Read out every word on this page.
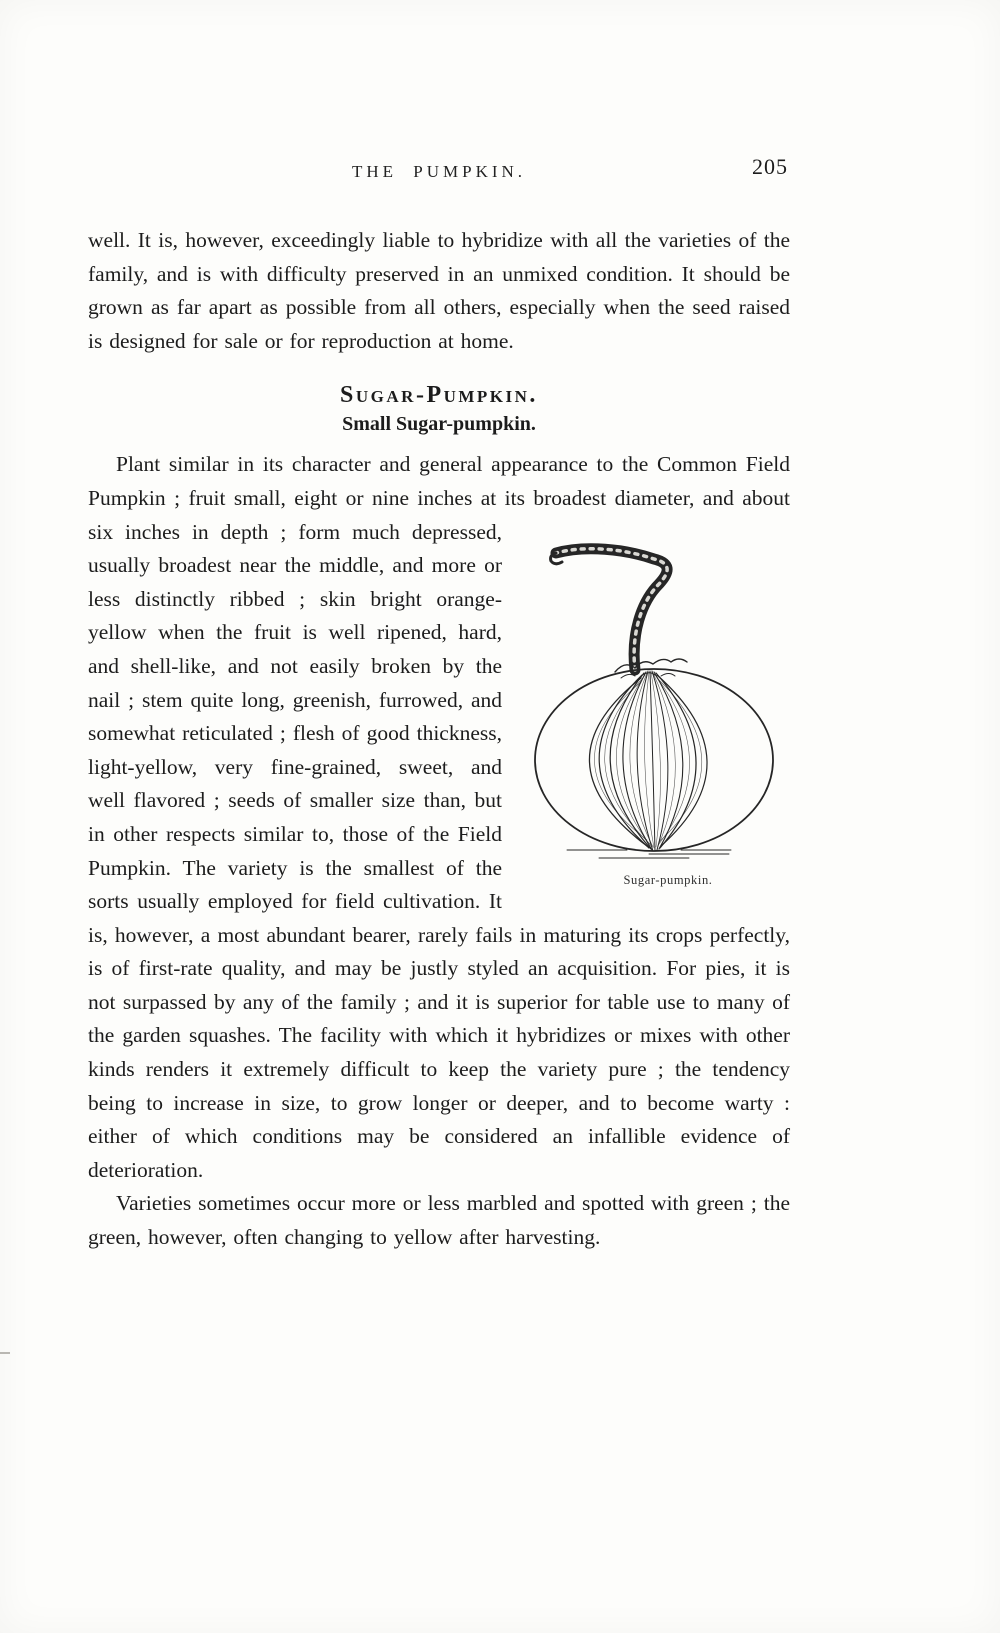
THE PUMPKIN.	205

well. It is, however, exceedingly liable to hybridize with all the varieties of the family, and is with difficulty preserved in an unmixed condition. It should be grown as far apart as possible from all others, especially when the seed raised is designed for sale or for reproduction at home.

Sugar-Pumpkin.
Small Sugar-pumpkin.
Plant similar in its character and general appearance to the Common Field Pumpkin ; fruit small, eight or nine inches at its broadest diameter, and about six inches in depth ; form
Sugar-pumpkin.
much depressed, usually broadest near the middle, and more or less distinctly ribbed ; skin bright orange-yellow when the fruit is well ripened, hard, and shell-like, and not easily broken by the nail ; stem quite long, greenish, furrowed, and somewhat reticulated ; flesh of good thickness, light-yellow, very fine-grained, sweet, and well flavored ; seeds of smaller size than, but in other respects similar to, those of the Field Pumpkin. The variety is the smallest of the sorts usually employed for field cultivation. It is, however, a most abundant bearer, rarely fails in maturing its crops perfectly, is of first-rate quality, and may be justly styled an acquisition. For pies, it is not surpassed by any of the family ; and it is superior for table use to many of the garden squashes. The facility with which it hybridizes or mixes with other kinds renders it extremely difficult to keep the variety pure ; the tendency being to increase in size, to grow longer or deeper, and to become warty : either of which conditions may be considered an infallible evidence of deterioration.

Varieties sometimes occur more or less marbled and spotted with green ; the green, however, often changing to yellow after harvesting.
